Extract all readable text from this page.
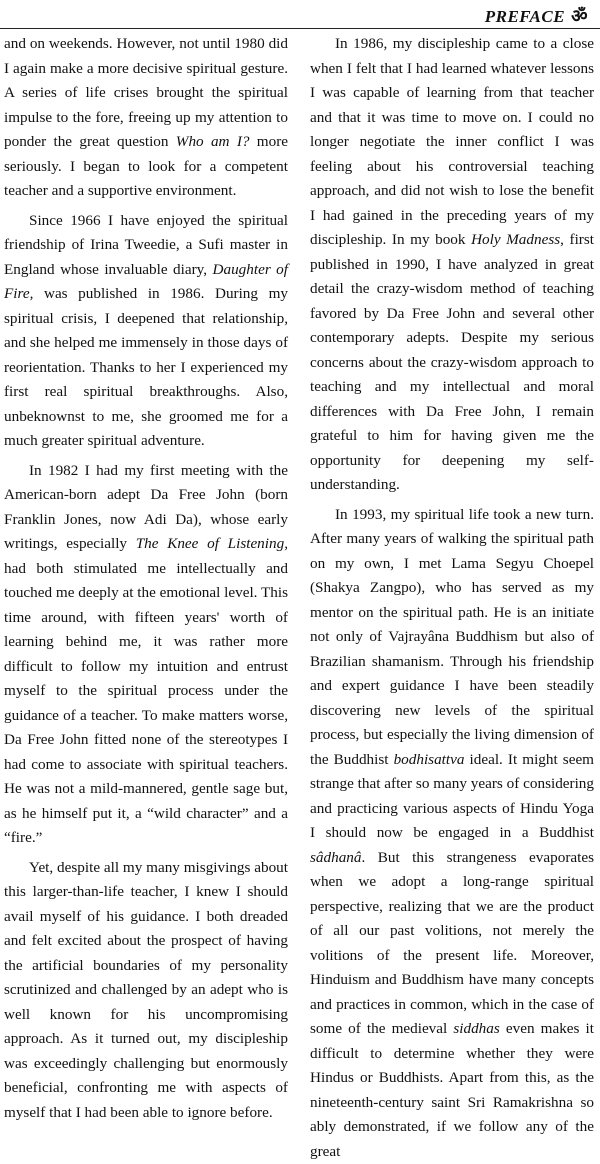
PREFACE ॐ

and on weekends. However, not until 1980 did I again make a more decisive spiritual gesture. A series of life crises brought the spiritual impulse to the fore, freeing up my attention to ponder the great question Who am I? more seriously. I began to look for a competent teacher and a supportive environment.

Since 1966 I have enjoyed the spiritual friendship of Irina Tweedie, a Sufi master in England whose invaluable diary, Daughter of Fire, was published in 1986. During my spiritual crisis, I deepened that relationship, and she helped me immensely in those days of reorientation. Thanks to her I experienced my first real spiritual breakthroughs. Also, unbeknownst to me, she groomed me for a much greater spiritual adventure.

In 1982 I had my first meeting with the American-born adept Da Free John (born Franklin Jones, now Adi Da), whose early writings, especially The Knee of Listening, had both stimulated me intellectually and touched me deeply at the emotional level. This time around, with fifteen years' worth of learning behind me, it was rather more difficult to follow my intuition and entrust myself to the spiritual process under the guidance of a teacher. To make matters worse, Da Free John fitted none of the stereotypes I had come to associate with spiritual teachers. He was not a mild-mannered, gentle sage but, as he himself put it, a “wild character” and a “fire.”

Yet, despite all my many misgivings about this larger-than-life teacher, I knew I should avail myself of his guidance. I both dreaded and felt excited about the prospect of having the artificial boundaries of my personality scrutinized and challenged by an adept who is well known for his uncompromising approach. As it turned out, my discipleship was exceedingly challenging but enormously beneficial, confronting me with aspects of myself that I had been able to ignore before.

In 1986, my discipleship came to a close when I felt that I had learned whatever lessons I was capable of learning from that teacher and that it was time to move on. I could no longer negotiate the inner conflict I was feeling about his controversial teaching approach, and did not wish to lose the benefit I had gained in the preceding years of my discipleship. In my book Holy Madness, first published in 1990, I have analyzed in great detail the crazy-wisdom method of teaching favored by Da Free John and several other contemporary adepts. Despite my serious concerns about the crazy-wisdom approach to teaching and my intellectual and moral differences with Da Free John, I remain grateful to him for having given me the opportunity for deepening my self-understanding.

In 1993, my spiritual life took a new turn. After many years of walking the spiritual path on my own, I met Lama Segyu Choepel (Shakya Zangpo), who has served as my mentor on the spiritual path. He is an initiate not only of Vajrayâna Buddhism but also of Brazilian shamanism. Through his friendship and expert guidance I have been steadily discovering new levels of the spiritual process, but especially the living dimension of the Buddhist bodhisattva ideal. It might seem strange that after so many years of considering and practicing various aspects of Hindu Yoga I should now be engaged in a Buddhist sâdhanâ. But this strangeness evaporates when we adopt a long-range spiritual perspective, realizing that we are the product of all our past volitions, not merely the volitions of the present life. Moreover, Hinduism and Buddhism have many concepts and practices in common, which in the case of some of the medieval siddhas even makes it difficult to determine whether they were Hindus or Buddhists. Apart from this, as the nineteenth-century saint Sri Ramakrishna so ably demonstrated, if we follow any of the great
